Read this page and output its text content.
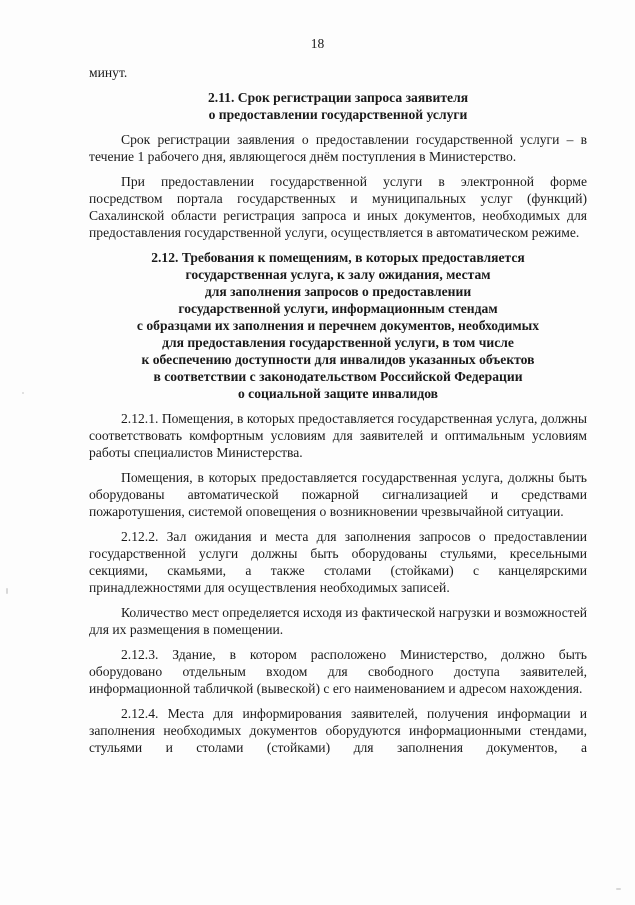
18

минут.

2.11. Срок регистрации запроса заявителя
о предоставлении государственной услуги

Срок регистрации заявления о предоставлении государственной услуги – в течение 1 рабочего дня, являющегося днём поступления в Министерство.

При предоставлении государственной услуги в электронной форме посредством портала государственных и муниципальных услуг (функций) Сахалинской области регистрация запроса и иных документов, необходимых для предоставления государственной услуги, осуществляется в автоматическом режиме.

2.12. Требования к помещениям, в которых предоставляется
государственная услуга, к залу ожидания, местам
для заполнения запросов о предоставлении
государственной услуги, информационным стендам
с образцами их заполнения и перечнем документов, необходимых
для предоставления государственной услуги, в том числе
к обеспечению доступности для инвалидов указанных объектов
в соответствии с законодательством Российской Федерации
о социальной защите инвалидов

2.12.1. Помещения, в которых предоставляется государственная услуга, должны соответствовать комфортным условиям для заявителей и оптимальным условиям работы специалистов Министерства.

Помещения, в которых предоставляется государственная услуга, должны быть оборудованы автоматической пожарной сигнализацией и средствами пожаротушения, системой оповещения о возникновении чрезвычайной ситуации.

2.12.2. Зал ожидания и места для заполнения запросов о предоставлении государственной услуги должны быть оборудованы стульями, кресельными секциями, скамьями, а также столами (стойками) с канцелярскими принадлежностями для осуществления необходимых записей.

Количество мест определяется исходя из фактической нагрузки и возможностей для их размещения в помещении.

2.12.3. Здание, в котором расположено Министерство, должно быть оборудовано отдельным входом для свободного доступа заявителей, информационной табличкой (вывеской) с его наименованием и адресом нахождения.

2.12.4. Места для информирования заявителей, получения информации и заполнения необходимых документов оборудуются информационными стендами, стульями и столами (стойками) для заполнения документов, а
